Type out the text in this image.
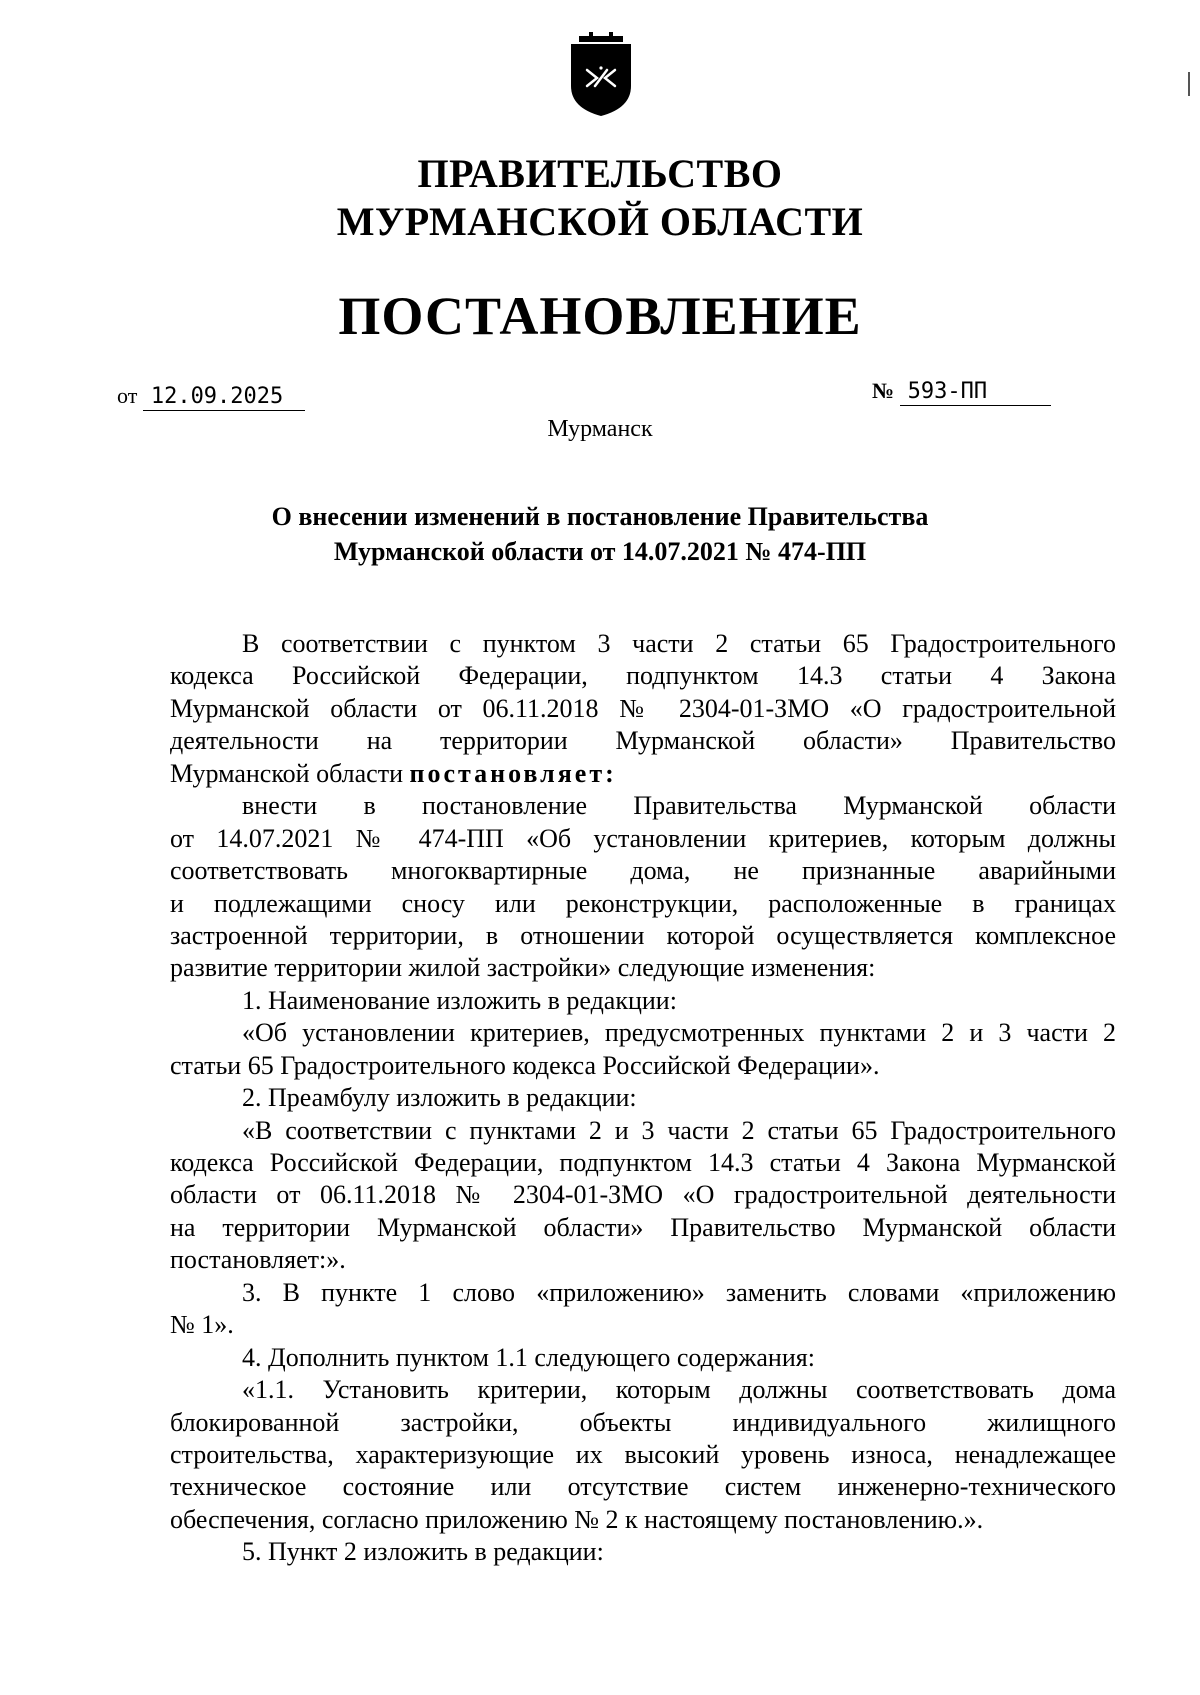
ПРАВИТЕЛЬСТВО
МУРМАНСКОЙ ОБЛАСТИ
ПОСТАНОВЛЕНИЕ
от 12.09.2025	№ 593-ПП
Мурманск
О внесении изменений в постановление Правительства
Мурманской области от 14.07.2021 № 474-ПП
В соответствии с пунктом 3 части 2 статьи 65 Градостроительного
кодекса Российской Федерации, подпунктом 14.3 статьи 4 Закона
Мурманской области от 06.11.2018 № 2304-01-ЗМО «О градостроительной
деятельности на территории Мурманской области» Правительство
Мурманской области постановляет:
внести в постановление Правительства Мурманской области
от 14.07.2021 № 474-ПП «Об установлении критериев, которым должны
соответствовать многоквартирные дома, не признанные аварийными
и подлежащими сносу или реконструкции, расположенные в границах
застроенной территории, в отношении которой осуществляется комплексное
развитие территории жилой застройки» следующие изменения:
1. Наименование изложить в редакции:
«Об установлении критериев, предусмотренных пунктами 2 и 3 части 2
статьи 65 Градостроительного кодекса Российской Федерации».
2. Преамбулу изложить в редакции:
«В соответствии с пунктами 2 и 3 части 2 статьи 65 Градостроительного
кодекса Российской Федерации, подпунктом 14.3 статьи 4 Закона Мурманской
области от 06.11.2018 № 2304-01-ЗМО «О градостроительной деятельности
на территории Мурманской области» Правительство Мурманской области
постановляет:».
3. В пункте 1 слово «приложению» заменить словами «приложению
№ 1».
4. Дополнить пунктом 1.1 следующего содержания:
«1.1. Установить критерии, которым должны соответствовать дома
блокированной застройки, объекты индивидуального жилищного
строительства, характеризующие их высокий уровень износа, ненадлежащее
техническое состояние или отсутствие систем инженерно-технического
обеспечения, согласно приложению № 2 к настоящему постановлению.».
5. Пункт 2 изложить в редакции:
